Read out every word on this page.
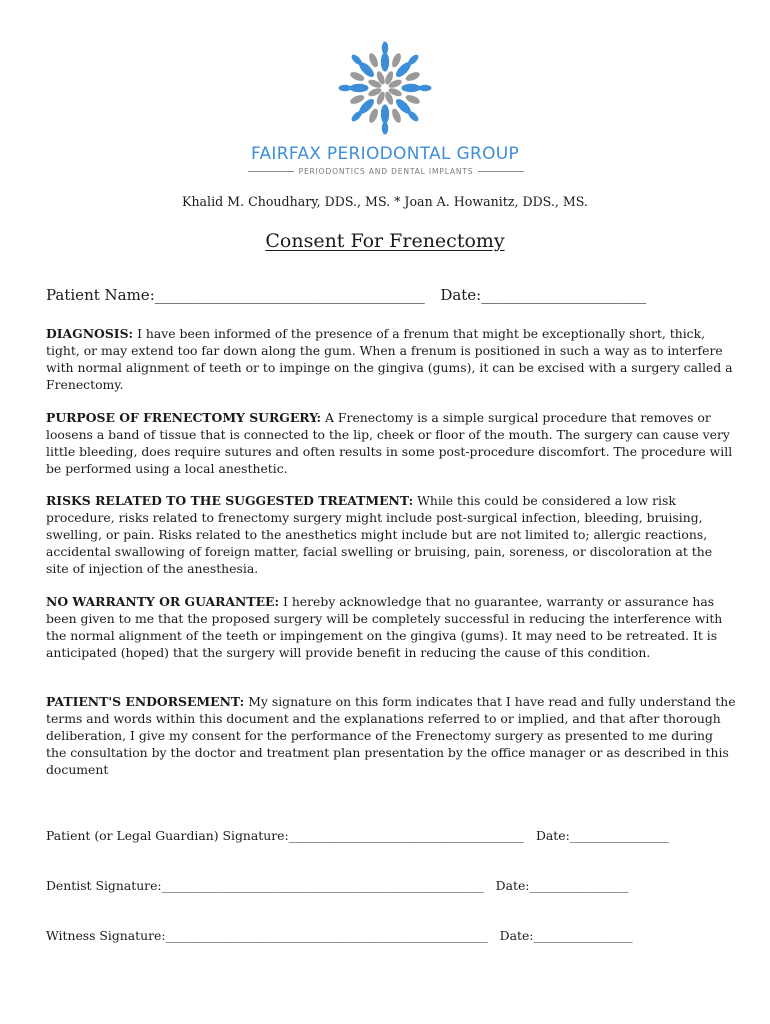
FAIRFAX PERIODONTAL GROUP
PERIODONTICS AND DENTAL IMPLANTS
Khalid M. Choudhary, DDS., MS. * Joan A. Howanitz, DDS., MS.
Consent For Frenectomy
Patient Name:____________________________________ Date:______________________
DIAGNOSIS: I have been informed of the presence of a frenum that might be exceptionally short, thick, tight, or may extend too far down along the gum. When a frenum is positioned in such a way as to interfere with normal alignment of teeth or to impinge on the gingiva (gums), it can be excised with a surgery called a Frenectomy.
PURPOSE OF FRENECTOMY SURGERY: A Frenectomy is a simple surgical procedure that removes or loosens a band of tissue that is connected to the lip, cheek or floor of the mouth. The surgery can cause very little bleeding, does require sutures and often results in some post-procedure discomfort. The procedure will be performed using a local anesthetic.
RISKS RELATED TO THE SUGGESTED TREATMENT: While this could be considered a low risk procedure, risks related to frenectomy surgery might include post-surgical infection, bleeding, bruising, swelling, or pain. Risks related to the anesthetics might include but are not limited to; allergic reactions, accidental swallowing of foreign matter, facial swelling or bruising, pain, soreness, or discoloration at the site of injection of the anesthesia.
NO WARRANTY OR GUARANTEE: I hereby acknowledge that no guarantee, warranty or assurance has been given to me that the proposed surgery will be completely successful in reducing the interference with the normal alignment of the teeth or impingement on the gingiva (gums). It may need to be retreated. It is anticipated (hoped) that the surgery will provide benefit in reducing the cause of this condition.
PATIENT'S ENDORSEMENT: My signature on this form indicates that I have read and fully understand the terms and words within this document and the explanations referred to or implied, and that after thorough deliberation, I give my consent for the performance of the Frenectomy surgery as presented to me during the consultation by the doctor and treatment plan presentation by the office manager or as described in this document
Patient (or Legal Guardian) Signature:______________________________________ Date:________________
Dentist Signature:____________________________________________________ Date:________________
Witness Signature:____________________________________________________ Date:________________
